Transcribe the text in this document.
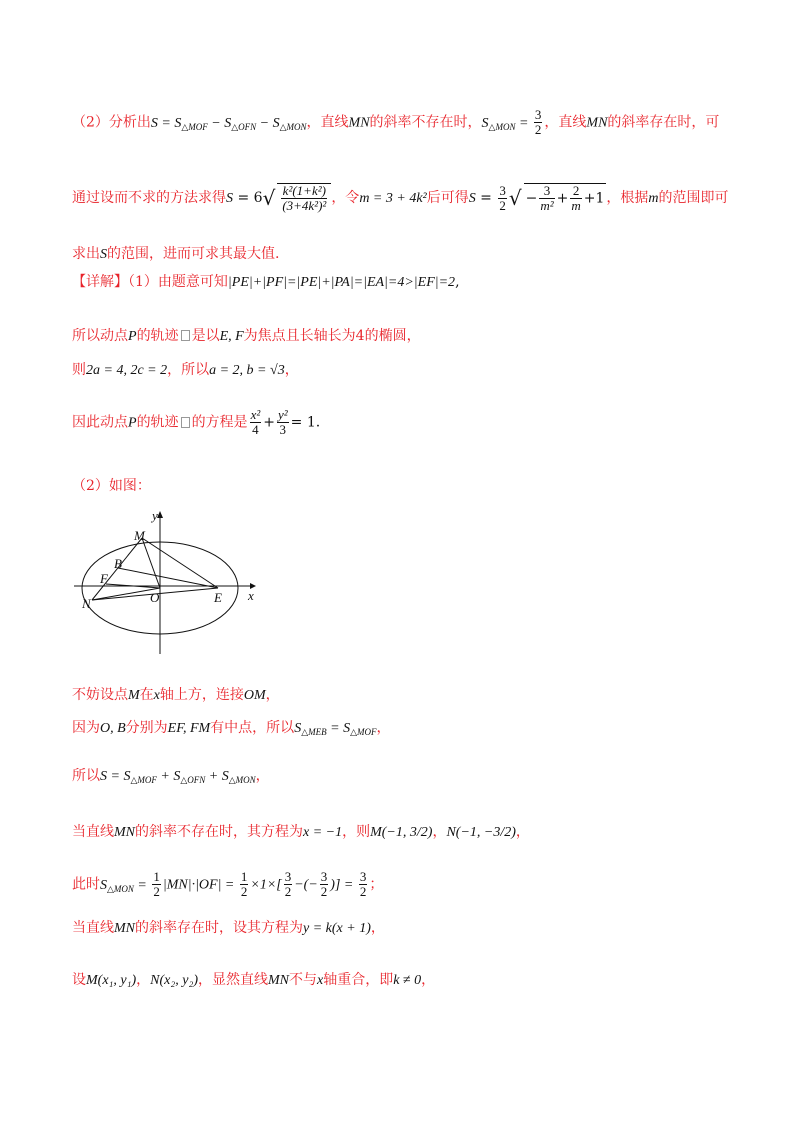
（2）分析出$S = S_{\triangle MOF} - S_{\triangle OFN} - S_{\triangle MON}$，直线MN的斜率不存在时，$S_{\triangle MON} = \frac{3}{2}$ ，直线MN的斜率存在时，可
通过设而不求的方法求得$S = 6√ \frac{\text{k²(1+k²)}}{\text{(3+4k²)²}}$ ，令m = 3 + 4k²后可得$S = \frac{3}{2}$ √ − $\frac{3}{\text{m²}} + \frac{2}{m} +1$ ，根据m的范围即可
求出S的范围，进而可求其最大值.
【详解】（1）由题意可知|PE|+|PF|=|PE|+|PA|=|EA|=4>|EF|=2,
所以动点P的轨迹 是以E, F为焦点且长轴长为4的椭圆，
则2a = 4, 2c = 2，所以a = 2, b = √3，
因此动点P的轨迹 的方程是 $\frac{\text{x²}}{4} + \frac{\text{y²}}{3} = 1$.
（2）如图：
y
M
B
F
N	O	E x
不妨设点M在x轴上方，连接OM，
因为O, B分别为EF, FM有中点，所以$S_{\triangle MEB} = S_{\triangle MOF}$，
所以$S = S_{\triangle MOF} + S_{\triangle OFN} + S_{\triangle MON}$，
当直线MN的斜率不存在时，其方程为x = −1，则M(−1, 3/2)，N(−1, −3/2)，
此时$S_{\triangle MON} = \frac{1}{2} |MN|\cdot|OF| = \frac{1}{2} \times 1\times[ \frac{3}{2}$ −(− $\frac{3}{2}$ )] = $\frac{3}{2}$ ；
当直线MN的斜率存在时，设其方程为y = k(x + 1)，
设M(x₁, y₁)，N(x₂, y₂)，显然直线MN不与x轴重合，即k ≠ 0，
